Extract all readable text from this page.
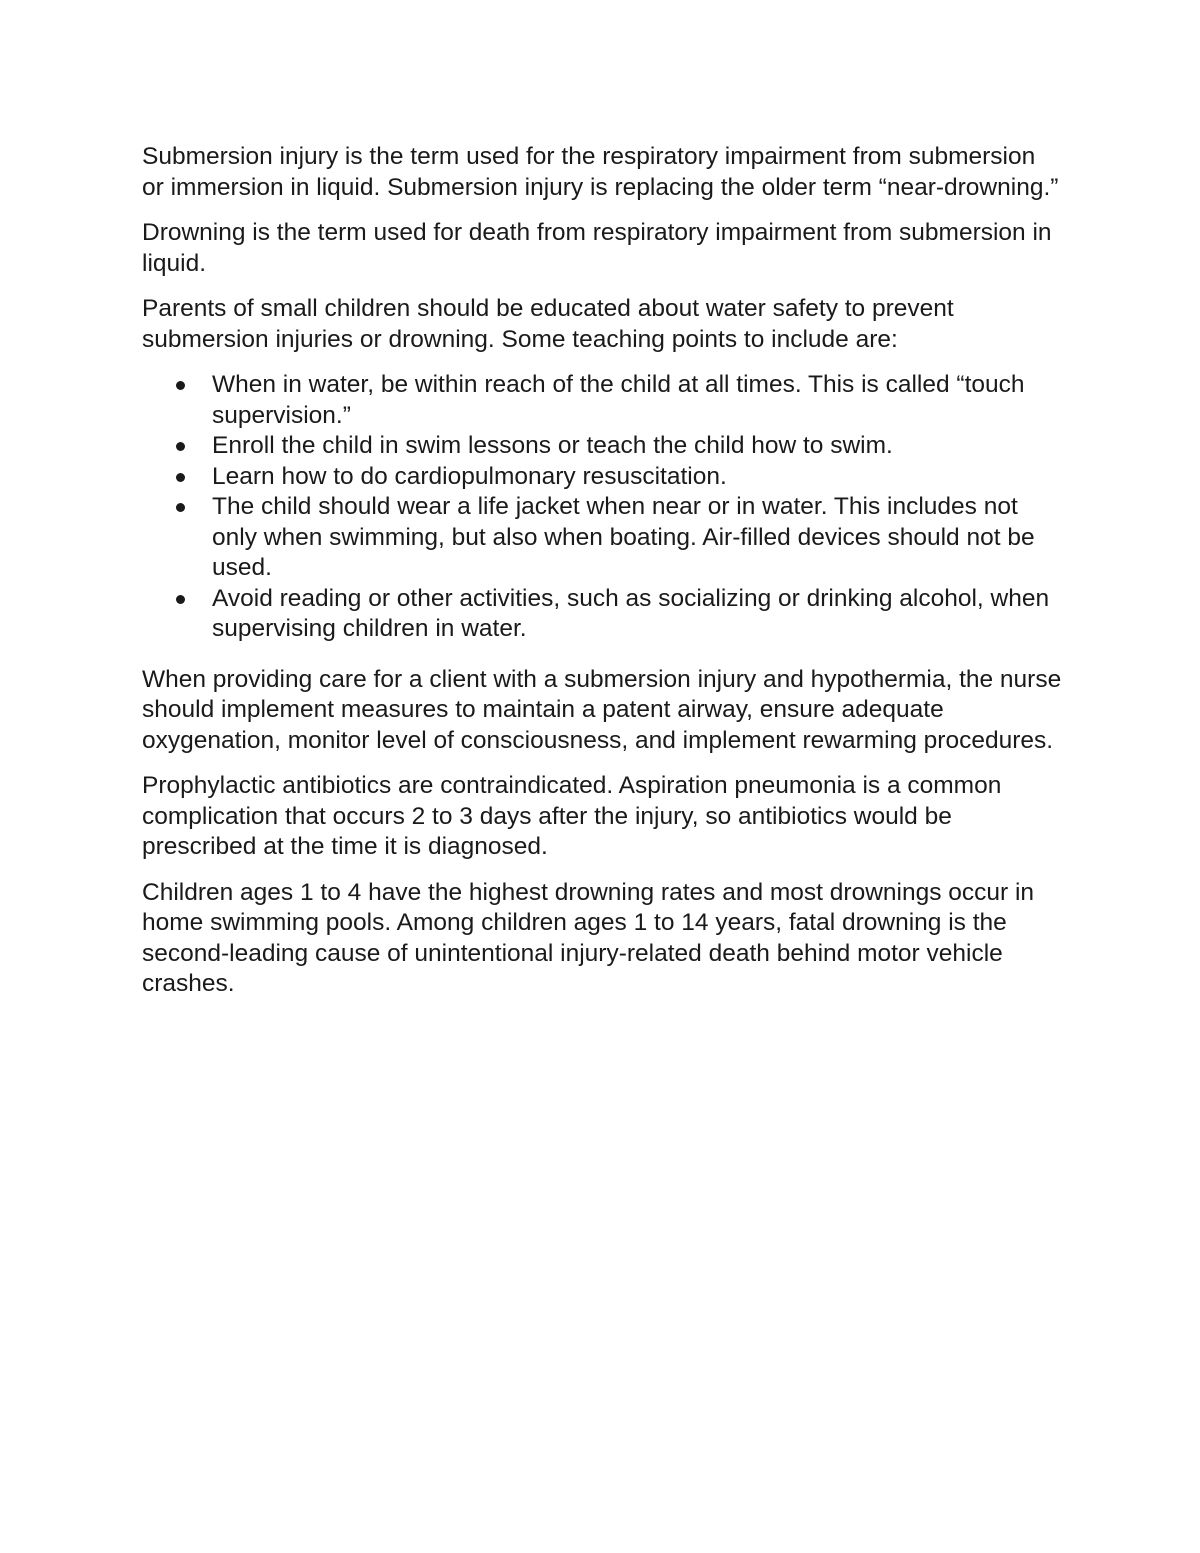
Submersion injury is the term used for the respiratory impairment from submersion or immersion in liquid. Submersion injury is replacing the older term “near-drowning.”

Drowning is the term used for death from respiratory impairment from submersion in liquid.

Parents of small children should be educated about water safety to prevent submersion injuries or drowning. Some teaching points to include are:

When in water, be within reach of the child at all times. This is called “touch supervision.”
Enroll the child in swim lessons or teach the child how to swim.
Learn how to do cardiopulmonary resuscitation.
The child should wear a life jacket when near or in water. This includes not only when swimming, but also when boating. Air-filled devices should not be used.
Avoid reading or other activities, such as socializing or drinking alcohol, when supervising children in water.

When providing care for a client with a submersion injury and hypothermia, the nurse should implement measures to maintain a patent airway, ensure adequate oxygenation, monitor level of consciousness, and implement rewarming procedures.

Prophylactic antibiotics are contraindicated. Aspiration pneumonia is a common complication that occurs 2 to 3 days after the injury, so antibiotics would be prescribed at the time it is diagnosed.

Children ages 1 to 4 have the highest drowning rates and most drownings occur in home swimming pools. Among children ages 1 to 14 years, fatal drowning is the second-leading cause of unintentional injury-related death behind motor vehicle crashes.
